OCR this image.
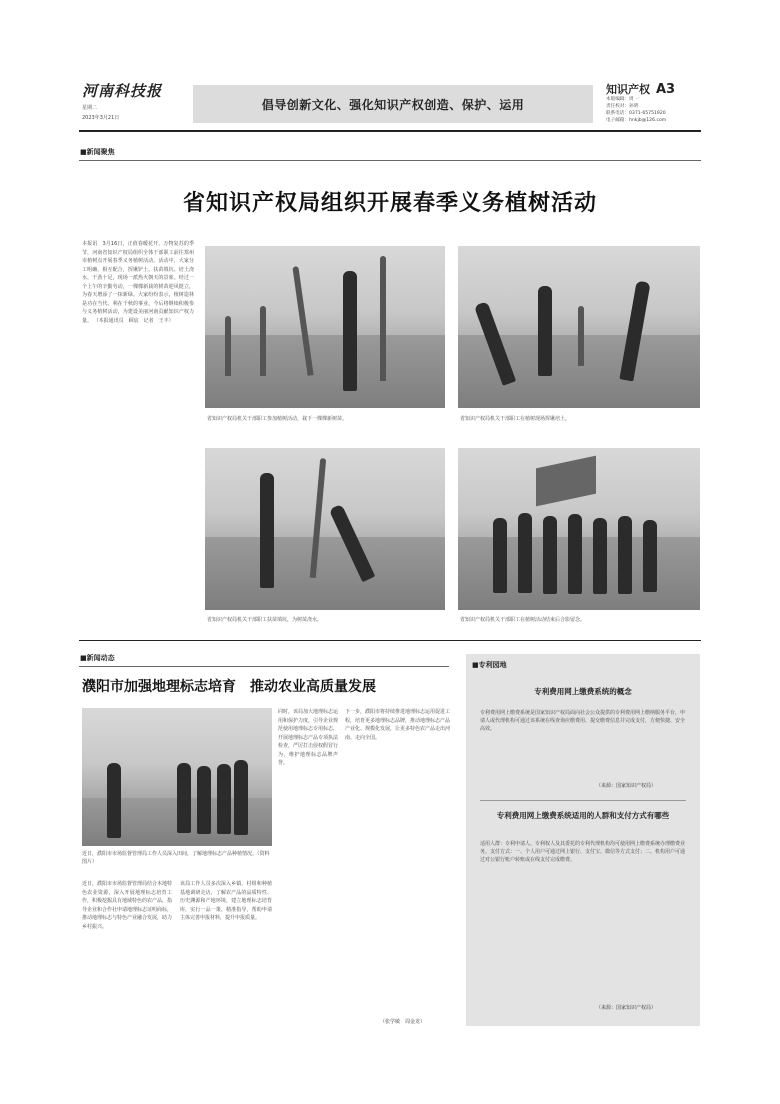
河南科技报
星期二
2023年3月21日
倡导创新文化、强化知识产权创造、保护、运用
知识产权 A3
本版编辑：周 一
责任校对：孙明
联系电话：0371-65751920
电子邮箱：hnkjb@126.com
■新闻聚焦
省知识产权局组织开展春季义务植树活动
本报讯　3月16日，正值春暖花开、万物复苏的季节，河南省知识产权局组织全体干部职工前往郑州市植树点开展春季义务植树活动。活动中，大家分工明确、相互配合，挥锹铲土、扶苗填坑、培土浇水，干劲十足，现场一派热火朝天的景象。经过一个上午的辛勤劳动，一棵棵新栽的树苗迎风挺立，为春天增添了一抹新绿。大家纷纷表示，植树造林是功在当代、利在千秋的事业，今后将继续积极参与义务植树活动，为建设美丽河南贡献知识产权力量。 （本报通讯员　顾宸　记者　王丰）
省知识产权局机关干部职工参加植树活动，栽下一棵棵新树苗。	省知识产权局机关干部职工在植树现场挥锹培土。
省知识产权局机关干部职工扶苗填坑，为树苗浇水。	省知识产权局机关干部职工在植树活动结束后合影留念。
■新闻动态
濮阳市加强地理标志培育　推动农业高质量发展
近日，濮阳市市场监督管理局工作人员深入田间，了解地理标志产品种植情况。（资料图片）
近日，濮阳市市场监督管理局结合本地特色农业资源，深入开展地理标志培育工作，积极挖掘具有地域特色的农产品，指导企业和合作社申请地理标志证明商标，推动地理标志与特色产业融合发展，助力乡村振兴。
该局工作人员多次深入乡镇、村组和种植基地调研走访，了解农产品的品质特性、历史渊源和产地环境，建立地理标志培育库，实行一品一策、精准指导，帮助申请主体完善申报材料，提升申报质量。
同时，该局加大地理标志运用和保护力度，引导企业规范使用地理标志专用标志，开展地理标志产品专项执法检查，严厉打击侵权假冒行为，维护地理标志品牌声誉。
下一步，濮阳市将持续推进地理标志运用促进工程，培育更多地理标志品牌，推动地理标志产品产业化、规模化发展，让更多特色农产品走出河南、走向全国。
（张学敏　周金龙）
■专利园地
专利费用网上缴费系统的概念
专利费用网上缴费系统是国家知识产权局面向社会公众提供的专利费用网上缴纳服务平台，申请人或代理机构可通过该系统在线查询应缴费用、提交缴费信息并完成支付，方便快捷、安全高效。
（来源：国家知识产权局）
专利费用网上缴费系统适用的人群和支付方式有哪些
适用人群：专利申请人、专利权人及其委托的专利代理机构均可使用网上缴费系统办理缴费业务。支付方式：一、个人用户可通过网上银行、支付宝、微信等方式支付；二、机构用户可通过对公银行账户转账或在线支付完成缴费。
（来源：国家知识产权局）
